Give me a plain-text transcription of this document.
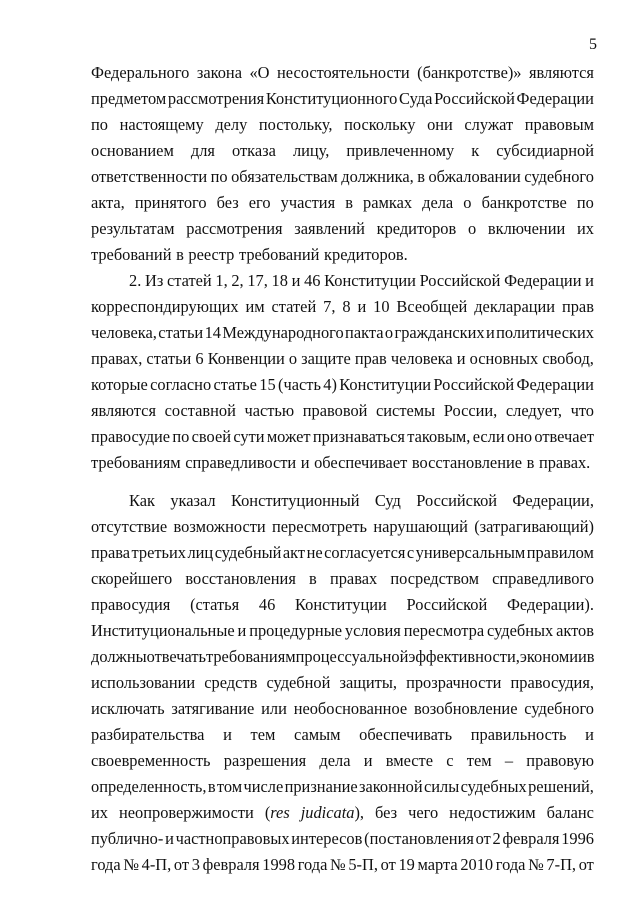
5
Федерального закона «О несостоятельности (банкротстве)» являются
предметом рассмотрения Конституционного Суда Российской Федерации
по настоящему делу постольку, поскольку они служат правовым
основанием для отказа лицу, привлеченному к субсидиарной
ответственности по обязательствам должника, в обжаловании судебного
акта, принятого без его участия в рамках дела о банкротстве по
результатам рассмотрения заявлений кредиторов о включении их
требований в реестр требований кредиторов.
2. Из статей 1, 2, 17, 18 и 46 Конституции Российской Федерации и
корреспондирующих им статей 7, 8 и 10 Всеобщей декларации прав
человека, статьи 14 Международного пакта о гражданских и политических
правах, статьи 6 Конвенции о защите прав человека и основных свобод,
которые согласно статье 15 (часть 4) Конституции Российской Федерации
являются составной частью правовой системы России, следует, что
правосудие по своей сути может признаваться таковым, если оно отвечает
требованиям справедливости и обеспечивает восстановление в правах.
Как указал Конституционный Суд Российской Федерации,
отсутствие возможности пересмотреть нарушающий (затрагивающий)
права третьих лиц судебный акт не согласуется с универсальным правилом
скорейшего восстановления в правах посредством справедливого
правосудия (статья 46 Конституции Российской Федерации).
Институциональные и процедурные условия пересмотра судебных актов
должны отвечать требованиям процессуальной эффективности, экономии в
использовании средств судебной защиты, прозрачности правосудия,
исключать затягивание или необоснованное возобновление судебного
разбирательства и тем самым обеспечивать правильность и
своевременность разрешения дела и вместе с тем – правовую
определенность, в том числе признание законной силы судебных решений,
их неопровержимости (res judicata), без чего недостижим баланс
публично- и частноправовых интересов (постановления от 2 февраля 1996
года № 4-П, от 3 февраля 1998 года № 5-П, от 19 марта 2010 года № 7-П, от
